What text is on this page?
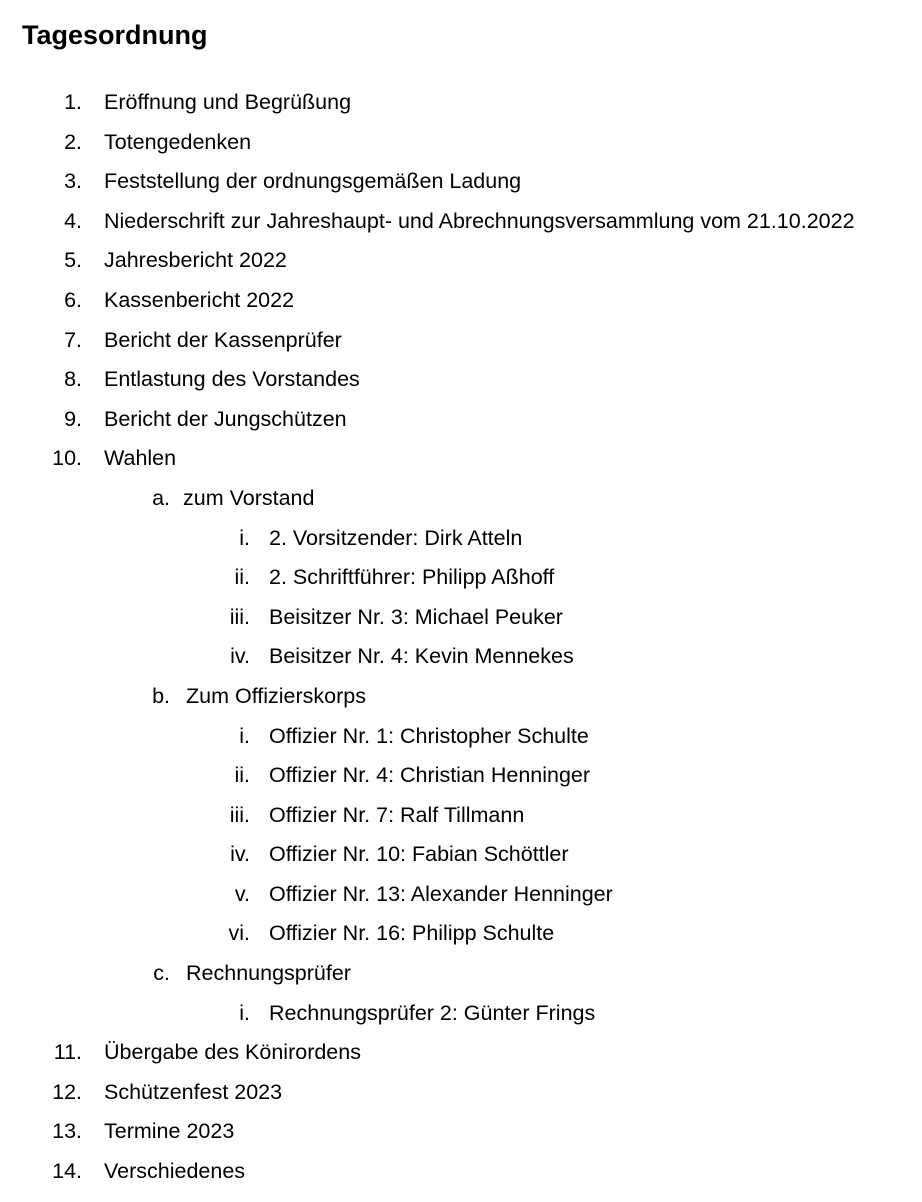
Tagesordnung
1. Eröffnung und Begrüßung
2. Totengedenken
3. Feststellung der ordnungsgemäßen Ladung
4. Niederschrift zur Jahreshaupt- und Abrechnungsversammlung vom 21.10.2022
5. Jahresbericht 2022
6. Kassenbericht 2022
7. Bericht der Kassenprüfer
8. Entlastung des Vorstandes
9. Bericht der Jungschützen
10. Wahlen
a. zum Vorstand
i. 2. Vorsitzender: Dirk Atteln
ii. 2. Schriftführer: Philipp Aßhoff
iii. Beisitzer Nr. 3: Michael Peuker
iv. Beisitzer Nr. 4: Kevin Mennekes
b. Zum Offizierskorps
i. Offizier Nr. 1: Christopher Schulte
ii. Offizier Nr. 4: Christian Henninger
iii. Offizier Nr. 7: Ralf Tillmann
iv. Offizier Nr. 10: Fabian Schöttler
v. Offizier Nr. 13: Alexander Henninger
vi. Offizier Nr. 16: Philipp Schulte
c. Rechnungsprüfer
i. Rechnungsprüfer 2: Günter Frings
11. Übergabe des Könirordens
12. Schützenfest 2023
13. Termine 2023
14. Verschiedenes
